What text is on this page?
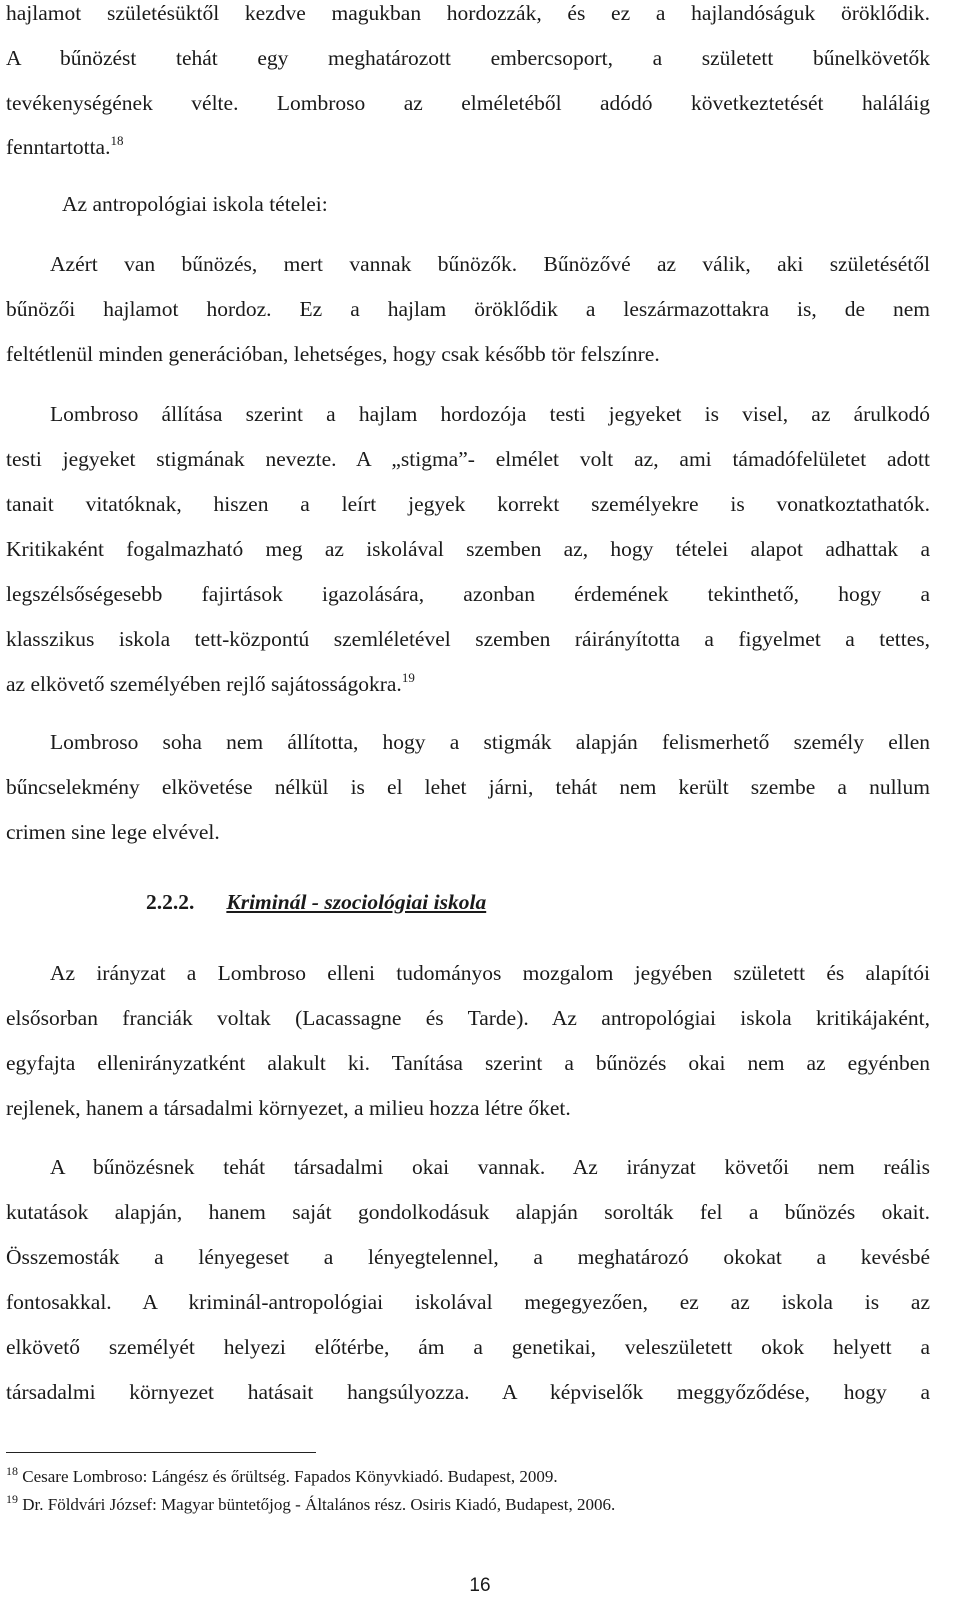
hajlamot születésüktől kezdve magukban hordozzák, és ez a hajlandóságuk öröklődik.
A bűnözést tehát egy meghatározott embercsoport, a született bűnelkövetők
tevékenységének vélte. Lombroso az elméletéből adódó következtetését haláláig
fenntartotta.$^{18}$
Az antropológiai iskola tételei:
Azért van bűnözés, mert vannak bűnözők. Bűnözővé az válik, aki születésétől
bűnözői hajlamot hordoz. Ez a hajlam öröklődik a leszármazottakra is, de nem
feltétlenül minden generációban, lehetséges, hogy csak később tör felszínre.
Lombroso állítása szerint a hajlam hordozója testi jegyeket is visel, az árulkodó
testi jegyeket stigmának nevezte. A „stigma”- elmélet volt az, ami támadófelületet adott
tanait vitatóknak, hiszen a leírt jegyek korrekt személyekre is vonatkoztathatók.
Kritikaként fogalmazható meg az iskolával szemben az, hogy tételei alapot adhattak a
legszélsőségesebb fajirtások igazolására, azonban érdemének tekinthető, hogy a
klasszikus iskola tett-központú szemléletével szemben ráirányította a figyelmet a tettes,
az elkövető személyében rejlő sajátosságokra.$^{19}$
Lombroso soha nem állította, hogy a stigmák alapján felismerhető személy ellen
bűncselekmény elkövetése nélkül is el lehet járni, tehát nem került szembe a nullum
crimen sine lege elvével.
2.2.2. Kriminál - szociológiai iskola
Az irányzat a Lombroso elleni tudományos mozgalom jegyében született és alapítói
elsősorban franciák voltak (Lacassagne és Tarde). Az antropológiai iskola kritikájaként,
egyfajta ellenirányzatként alakult ki. Tanítása szerint a bűnözés okai nem az egyénben
rejlenek, hanem a társadalmi környezet, a milieu hozza létre őket.
A bűnözésnek tehát társadalmi okai vannak. Az irányzat követői nem reális
kutatások alapján, hanem saját gondolkodásuk alapján sorolták fel a bűnözés okait.
Összemosták a lényegeset a lényegtelennel, a meghatározó okokat a kevésbé
fontosakkal. A kriminál-antropológiai iskolával megegyezően, ez az iskola is az
elkövető személyét helyezi előtérbe, ám a genetikai, veleszületett okok helyett a
társadalmi környezet hatásait hangsúlyozza. A képviselők meggyőződése, hogy a
$^{18}$ Cesare Lombroso: Lángész és őrültség. Fapados Könyvkiadó. Budapest, 2009.
$^{19}$ Dr. Földvári József: Magyar büntetőjog - Általános rész. Osiris Kiadó, Budapest, 2006.
16
